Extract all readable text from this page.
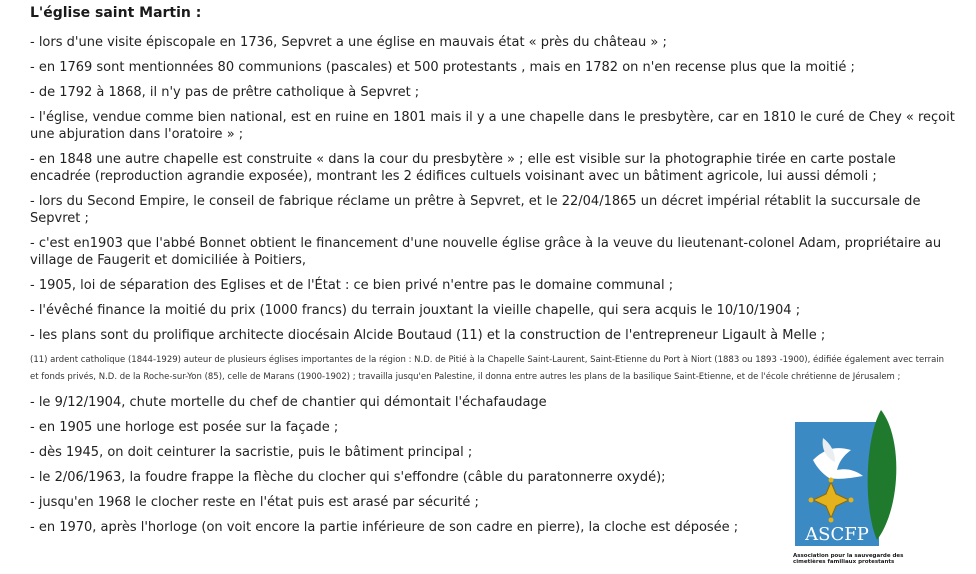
L'église saint Martin :
- lors d'une visite épiscopale en 1736, Sepvret a une église en mauvais état « près du château » ;
- en 1769 sont mentionnées 80 communions (pascales) et 500 protestants , mais en 1782 on n'en recense plus que la moitié ;
- de 1792 à 1868, il n'y pas de prêtre catholique à Sepvret ;
- l'église, vendue comme bien national, est en ruine en 1801 mais il y a une chapelle dans le presbytère, car en 1810 le curé de Chey « reçoit une abjuration dans l'oratoire » ;
- en 1848 une autre chapelle est construite « dans la cour du presbytère » ; elle est visible sur la photographie tirée en carte postale encadrée (reproduction agrandie exposée), montrant les 2 édifices cultuels voisinant avec un bâtiment agricole, lui aussi démoli ;
- lors du Second Empire, le conseil de fabrique réclame un prêtre à Sepvret, et le 22/04/1865 un décret impérial rétablit la succursale de Sepvret ;
- c'est en1903 que l'abbé Bonnet obtient le financement d'une nouvelle église grâce à la veuve du lieutenant-colonel Adam, propriétaire au village de Faugerit et domiciliée à Poitiers,
- 1905, loi de séparation des Eglises et de l'État : ce bien privé n'entre pas le domaine communal ;
- l'évêché finance la moitié du prix (1000 francs) du terrain jouxtant la vieille chapelle, qui sera acquis le 10/10/1904 ;
- les plans sont du prolifique architecte diocésain Alcide Boutaud (11) et la construction de l'entrepreneur Ligault à Melle ;
(11) ardent catholique (1844-1929) auteur de plusieurs églises importantes de la région : N.D. de Pitié à la Chapelle Saint-Laurent, Saint-Etienne du Port à Niort (1883 ou 1893 -1900), édifiée également avec terrain et fonds privés, N.D. de la Roche-sur-Yon (85), celle de Marans (1900-1902) ; travailla jusqu'en Palestine, il donna entre autres les plans de la basilique Saint-Etienne, et de l'école chrétienne de Jérusalem ;
- le 9/12/1904, chute mortelle du chef de chantier qui démontait l'échafaudage
- en 1905 une horloge est posée sur la façade ;
- dès 1945, on doit ceinturer la sacristie, puis le bâtiment principal ;
- le 2/06/1963, la foudre frappe la flèche du clocher qui s'effondre (câble du paratonnerre oxydé);
- jusqu'en 1968 le clocher reste en l'état puis est arasé par sécurité ;
- en 1970, après l'horloge (on voit encore la partie inférieure de son cadre en pierre), la cloche est déposée ;	ASCFP
Association pour la sauvegarde des cimetières familiaux protestants
